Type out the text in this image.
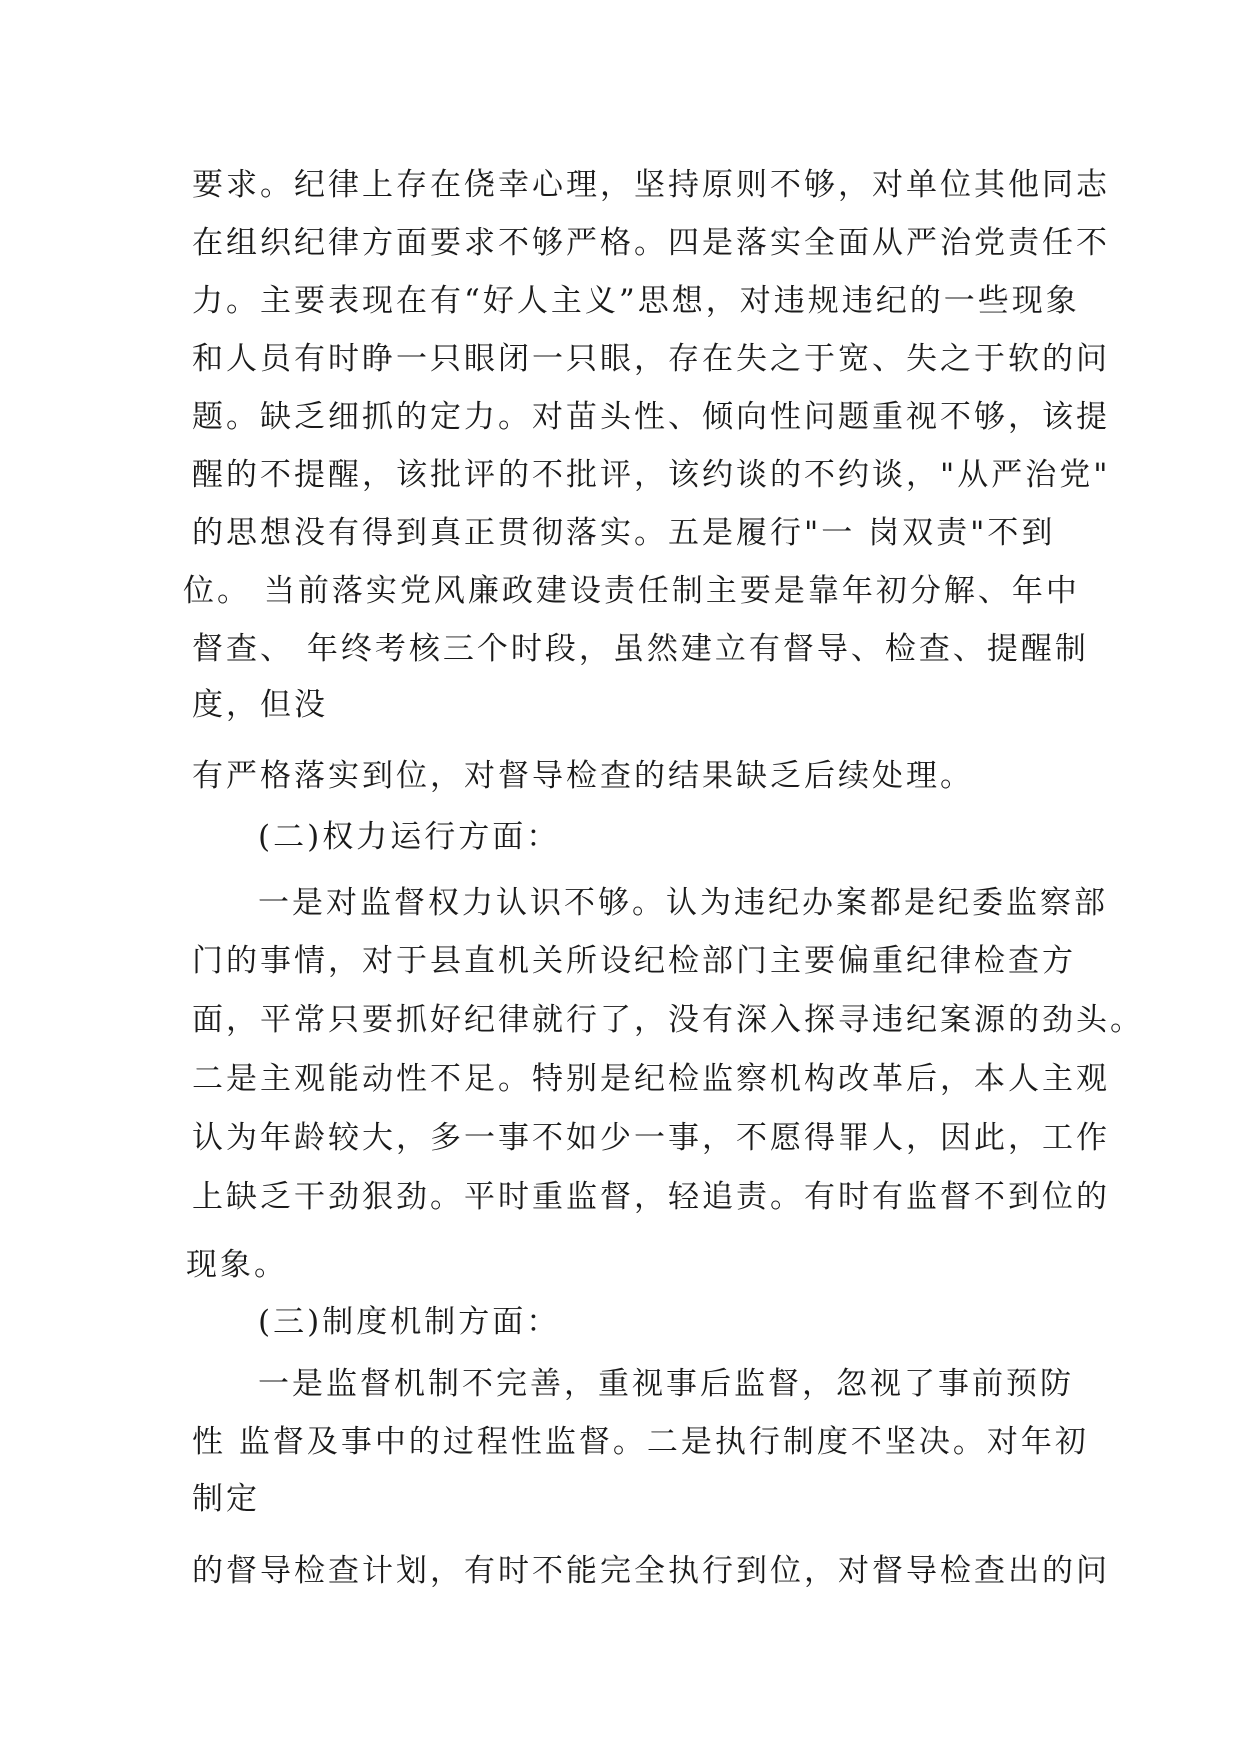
要求。纪律上存在侥幸心理，坚持原则不够，对单位其他同志
在组织纪律方面要求不够严格。四是落实全面从严治党责任不
力。主要表现在有“好人主义”思想，对违规违纪的一些现象
和人员有时睁一只眼闭一只眼，存在失之于宽、失之于软的问
题。缺乏细抓的定力。对苗头性、倾向性问题重视不够，该提
醒的不提醒，该批评的不批评，该约谈的不约谈，"从严治党"
的思想没有得到真正贯彻落实。五是履行"一 岗双责"不到
位。 当前落实党风廉政建设责任制主要是靠年初分解、年中
督查、 年终考核三个时段，虽然建立有督导、检查、提醒制
度，但没
有严格落实到位，对督导检查的结果缺乏后续处理。
(二)权力运行方面：
一是对监督权力认识不够。认为违纪办案都是纪委监察部
门的事情，对于县直机关所设纪检部门主要偏重纪律检查方
面，平常只要抓好纪律就行了，没有深入探寻违纪案源的劲头。
二是主观能动性不足。特别是纪检监察机构改革后，本人主观
认为年龄较大，多一事不如少一事，不愿得罪人，因此，工作
上缺乏干劲狠劲。平时重监督，轻追责。有时有监督不到位的
现象。
(三)制度机制方面：
一是监督机制不完善，重视事后监督，忽视了事前预防
性 监督及事中的过程性监督。二是执行制度不坚决。对年初
制定
的督导检查计划，有时不能完全执行到位，对督导检查出的问
